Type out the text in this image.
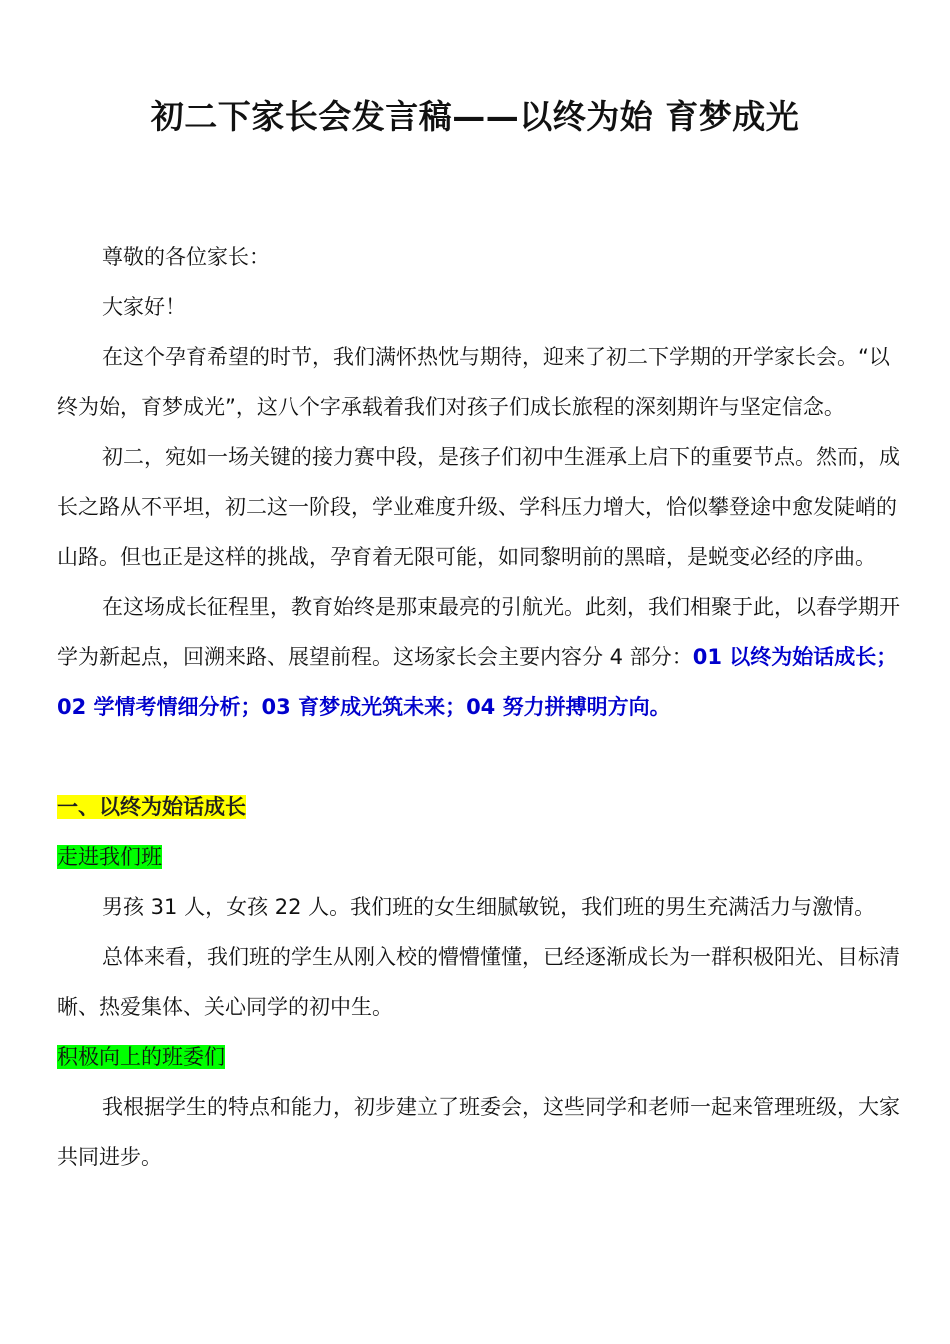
初二下家长会发言稿——以终为始 育梦成光

尊敬的各位家长：

大家好！

在这个孕育希望的时节，我们满怀热忱与期待，迎来了初二下学期的开学家长会。“以终为始，育梦成光”，这八个字承载着我们对孩子们成长旅程的深刻期许与坚定信念。

初二，宛如一场关键的接力赛中段，是孩子们初中生涯承上启下的重要节点。然而，成长之路从不平坦，初二这一阶段，学业难度升级、学科压力增大，恰似攀登途中愈发陡峭的山路。但也正是这样的挑战，孕育着无限可能，如同黎明前的黑暗，是蜕变必经的序曲。

在这场成长征程里，教育始终是那束最亮的引航光。此刻，我们相聚于此，以春学期开学为新起点，回溯来路、展望前程。这场家长会主要内容分 4 部分：01 以终为始话成长；02 学情考情细分析；03 育梦成光筑未来；04 努力拼搏明方向。

一、以终为始话成长

走进我们班

男孩 31 人，女孩 22 人。我们班的女生细腻敏锐，我们班的男生充满活力与激情。

总体来看，我们班的学生从刚入校的懵懵懂懂，已经逐渐成长为一群积极阳光、目标清晰、热爱集体、关心同学的初中生。

积极向上的班委们

我根据学生的特点和能力，初步建立了班委会，这些同学和老师一起来管理班级，大家共同进步。
